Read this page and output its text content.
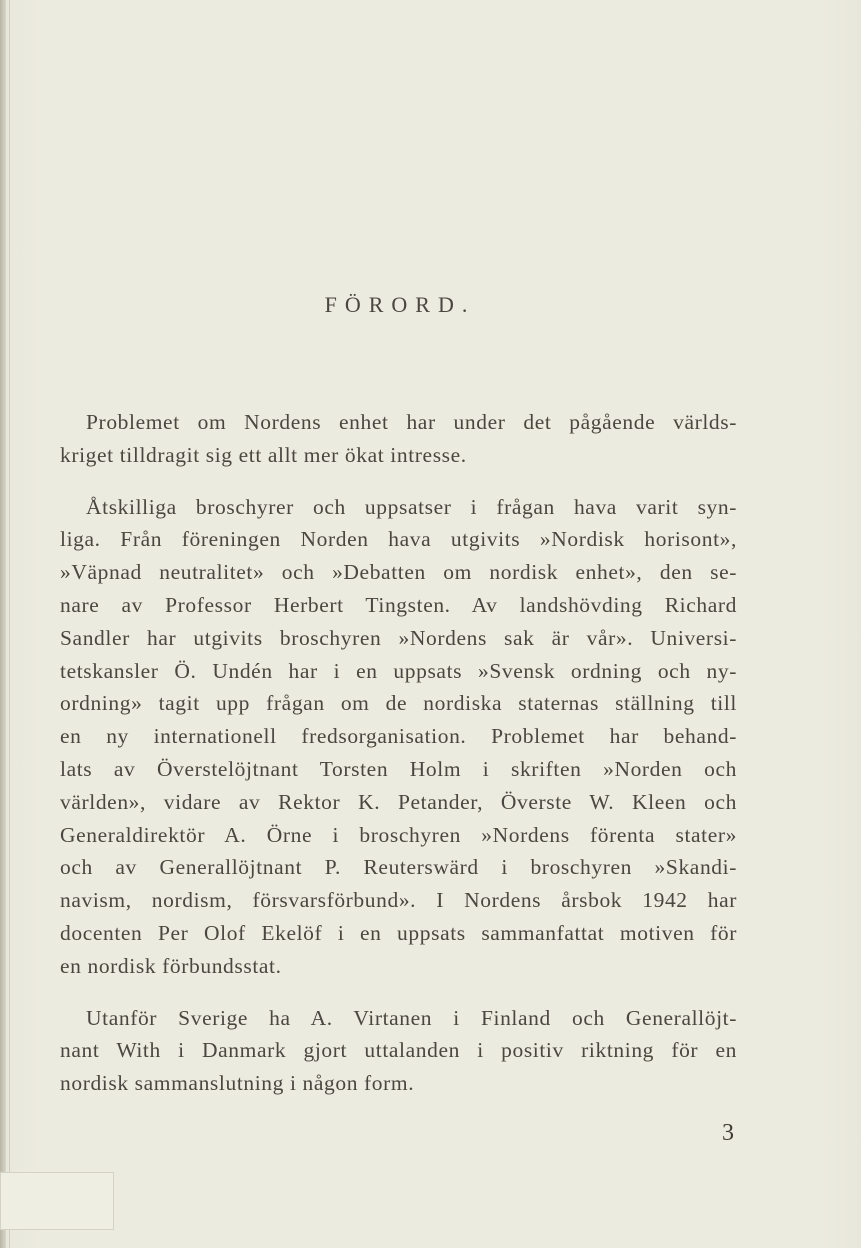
FÖRORD.

Problemet om Nordens enhet har under det pågående världs-
kriget tilldragit sig ett allt mer ökat intresse.

Åtskilliga broschyrer och uppsatser i frågan hava varit syn-
liga. Från föreningen Norden hava utgivits »Nordisk horisont»,
»Väpnad neutralitet» och »Debatten om nordisk enhet», den se-
nare av Professor Herbert Tingsten. Av landshövding Richard
Sandler har utgivits broschyren »Nordens sak är vår». Universi-
tetskansler Ö. Undén har i en uppsats »Svensk ordning och ny-
ordning» tagit upp frågan om de nordiska staternas ställning till
en ny internationell fredsorganisation. Problemet har behand-
lats av Överstelöjtnant Torsten Holm i skriften »Norden och
världen», vidare av Rektor K. Petander, Överste W. Kleen och
Generaldirektör A. Örne i broschyren »Nordens förenta stater»
och av Generallöjtnant P. Reuterswärd i broschyren »Skandi-
navism, nordism, försvarsförbund». I Nordens årsbok 1942 har
docenten Per Olof Ekelöf i en uppsats sammanfattat motiven för
en nordisk förbundsstat.

Utanför Sverige ha A. Virtanen i Finland och Generallöjt-
nant With i Danmark gjort uttalanden i positiv riktning för en
nordisk sammanslutning i någon form.

3
